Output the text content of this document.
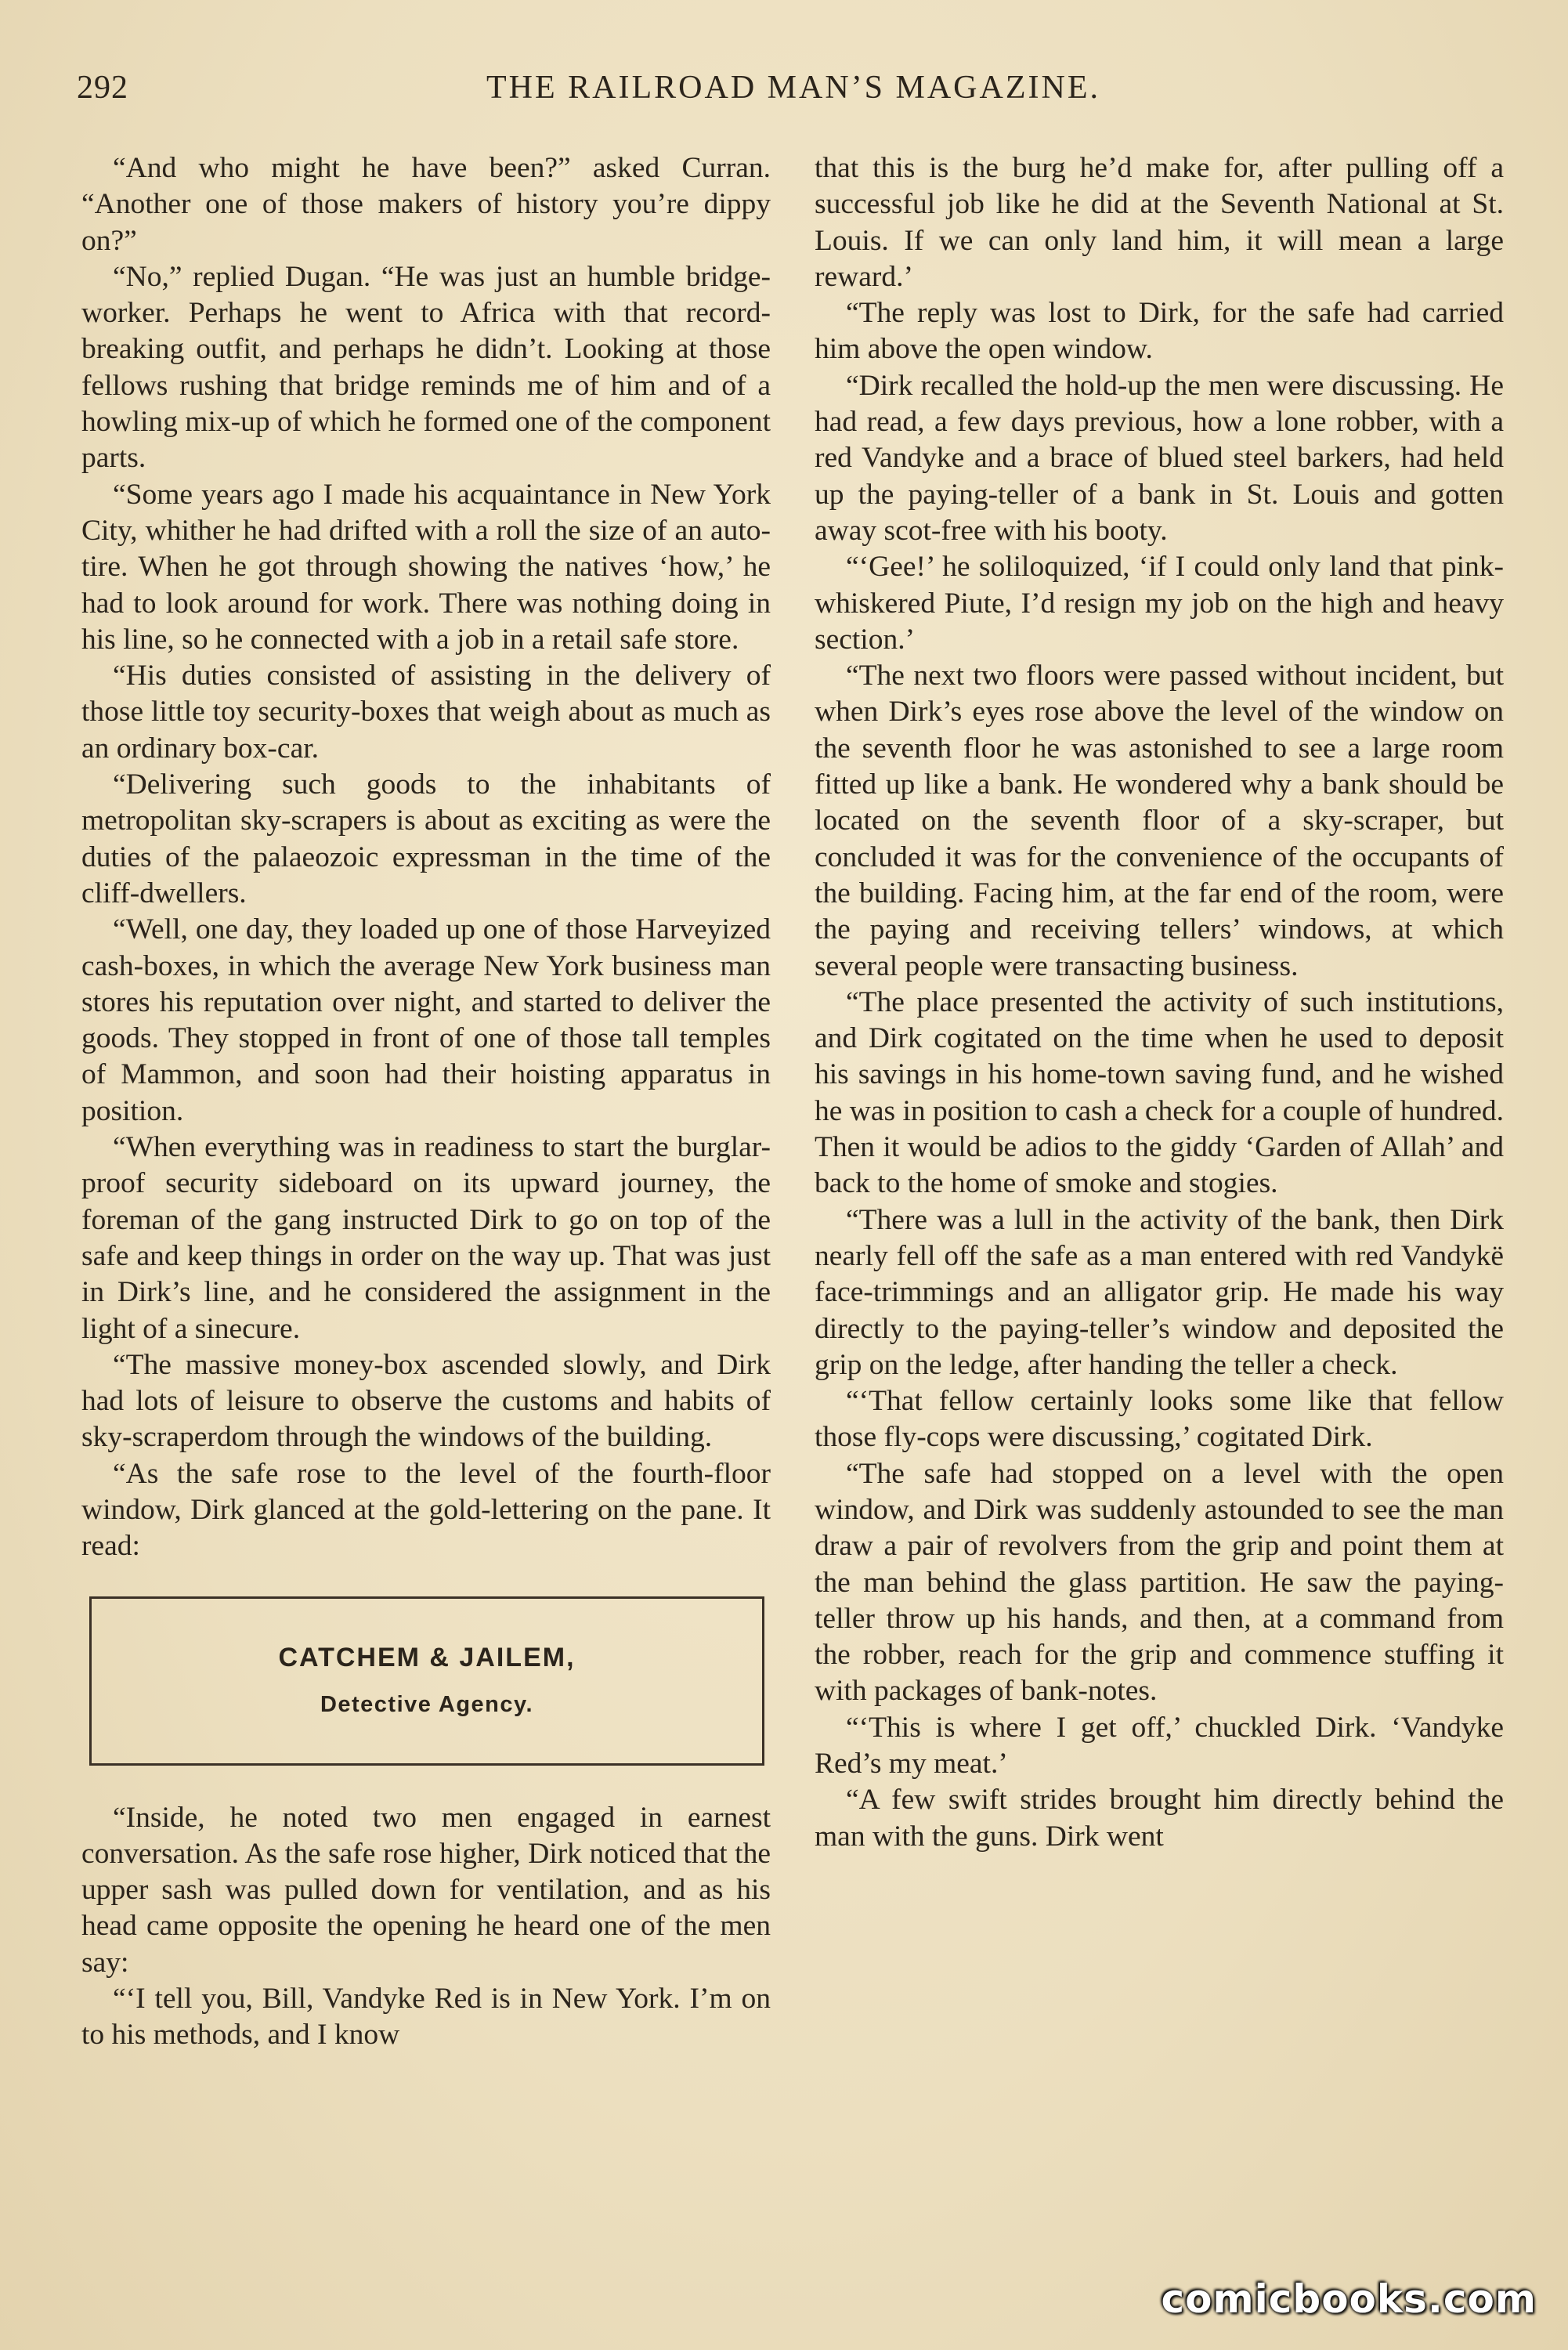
292	THE RAILROAD MAN’S MAGAZINE.

“And who might he have been?” asked Curran. “Another one of those makers of history you’re dippy on?”

“No,” replied Dugan. “He was just an humble bridge-worker. Perhaps he went to Africa with that record-breaking outfit, and perhaps he didn’t. Looking at those fellows rushing that bridge reminds me of him and of a howling mix-up of which he formed one of the component parts.

“Some years ago I made his acquaintance in New York City, whither he had drifted with a roll the size of an auto-tire. When he got through showing the natives ‘how,’ he had to look around for work. There was nothing doing in his line, so he connected with a job in a retail safe store.

“His duties consisted of assisting in the delivery of those little toy security-boxes that weigh about as much as an ordinary box-car.

“Delivering such goods to the inhabitants of metropolitan sky-scrapers is about as exciting as were the duties of the palaeozoic expressman in the time of the cliff-dwellers.

“Well, one day, they loaded up one of those Harveyized cash-boxes, in which the average New York business man stores his reputation over night, and started to deliver the goods. They stopped in front of one of those tall temples of Mammon, and soon had their hoisting apparatus in position.

“When everything was in readiness to start the burglar-proof security sideboard on its upward journey, the foreman of the gang instructed Dirk to go on top of the safe and keep things in order on the way up. That was just in Dirk’s line, and he considered the assignment in the light of a sinecure.

“The massive money-box ascended slowly, and Dirk had lots of leisure to observe the customs and habits of sky-scraperdom through the windows of the building.

“As the safe rose to the level of the fourth-floor window, Dirk glanced at the gold-lettering on the pane. It read:

CATCHEM & JAILEM,
Detective Agency.

“Inside, he noted two men engaged in earnest conversation. As the safe rose higher, Dirk noticed that the upper sash was pulled down for ventilation, and as his head came opposite the opening he heard one of the men say:

“‘I tell you, Bill, Vandyke Red is in New York. I’m on to his methods, and I know

that this is the burg he’d make for, after pulling off a successful job like he did at the Seventh National at St. Louis. If we can only land him, it will mean a large reward.’

“The reply was lost to Dirk, for the safe had carried him above the open window.

“Dirk recalled the hold-up the men were discussing. He had read, a few days previous, how a lone robber, with a red Vandyke and a brace of blued steel barkers, had held up the paying-teller of a bank in St. Louis and gotten away scot-free with his booty.

“‘Gee!’ he soliloquized, ‘if I could only land that pink-whiskered Piute, I’d resign my job on the high and heavy section.’

“The next two floors were passed without incident, but when Dirk’s eyes rose above the level of the window on the seventh floor he was astonished to see a large room fitted up like a bank. He wondered why a bank should be located on the seventh floor of a sky-scraper, but concluded it was for the convenience of the occupants of the building. Facing him, at the far end of the room, were the paying and receiving tellers’ windows, at which several people were transacting business.

“The place presented the activity of such institutions, and Dirk cogitated on the time when he used to deposit his savings in his home-town saving fund, and he wished he was in position to cash a check for a couple of hundred. Then it would be adios to the giddy ‘Garden of Allah’ and back to the home of smoke and stogies.

“There was a lull in the activity of the bank, then Dirk nearly fell off the safe as a man entered with red Vandykë face-trimmings and an alligator grip. He made his way directly to the paying-teller’s window and deposited the grip on the ledge, after handing the teller a check.

“‘That fellow certainly looks some like that fellow those fly-cops were discussing,’ cogitated Dirk.

“The safe had stopped on a level with the open window, and Dirk was suddenly astounded to see the man draw a pair of revolvers from the grip and point them at the man behind the glass partition. He saw the paying-teller throw up his hands, and then, at a command from the robber, reach for the grip and commence stuffing it with packages of bank-notes.

“‘This is where I get off,’ chuckled Dirk. ‘Vandyke Red’s my meat.’

“A few swift strides brought him directly behind the man with the guns. Dirk went

comicbooks.com
